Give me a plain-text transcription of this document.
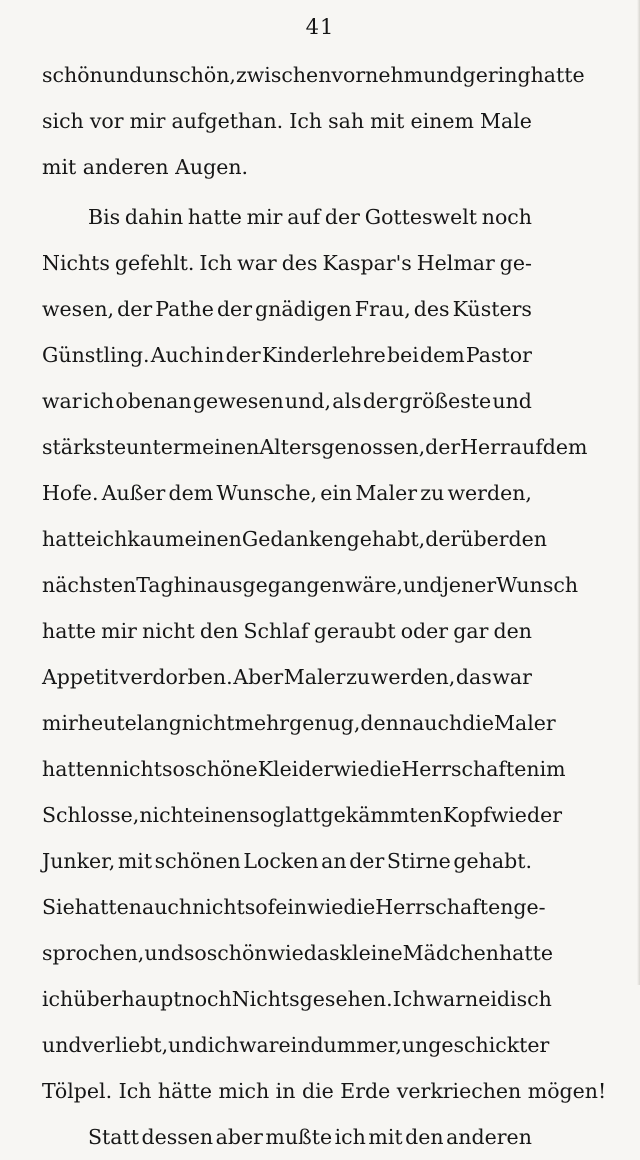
41
schön und unschön, zwischen vornehm und gering hatte
sich vor mir aufgethan. Ich sah mit einem Male
mit anderen Augen.
Bis dahin hatte mir auf der Gotteswelt noch
Nichts gefehlt. Ich war des Kaspar's Helmar ge-
wesen, der Pathe der gnädigen Frau, des Küsters
Günstling. Auch in der Kinderlehre bei dem Pastor
war ich obenan gewesen und, als der größeste und
stärkste unter meinen Altersgenossen, der Herr auf dem
Hofe. Außer dem Wunsche, ein Maler zu werden,
hatte ich kaum einen Gedanken gehabt, der über den
nächsten Tag hinausgegangen wäre, und jener Wunsch
hatte mir nicht den Schlaf geraubt oder gar den
Appetit verdorben. Aber Maler zu werden, das war
mir heute lang nicht mehr genug, denn auch die Maler
hatten nicht so schöne Kleider wie die Herrschaften im
Schlosse, nicht einen so glatt gekämmten Kopf wie der
Junker, mit schönen Locken an der Stirne gehabt.
Sie hatten auch nicht so fein wie die Herrschaften ge-
sprochen, und so schön wie das kleine Mädchen hatte
ich überhaupt noch Nichts gesehen. Ich war neidisch
und verliebt, und ich war ein dummer, ungeschickter
Tölpel. Ich hätte mich in die Erde verkriechen mögen!
Statt dessen aber mußte ich mit den anderen
